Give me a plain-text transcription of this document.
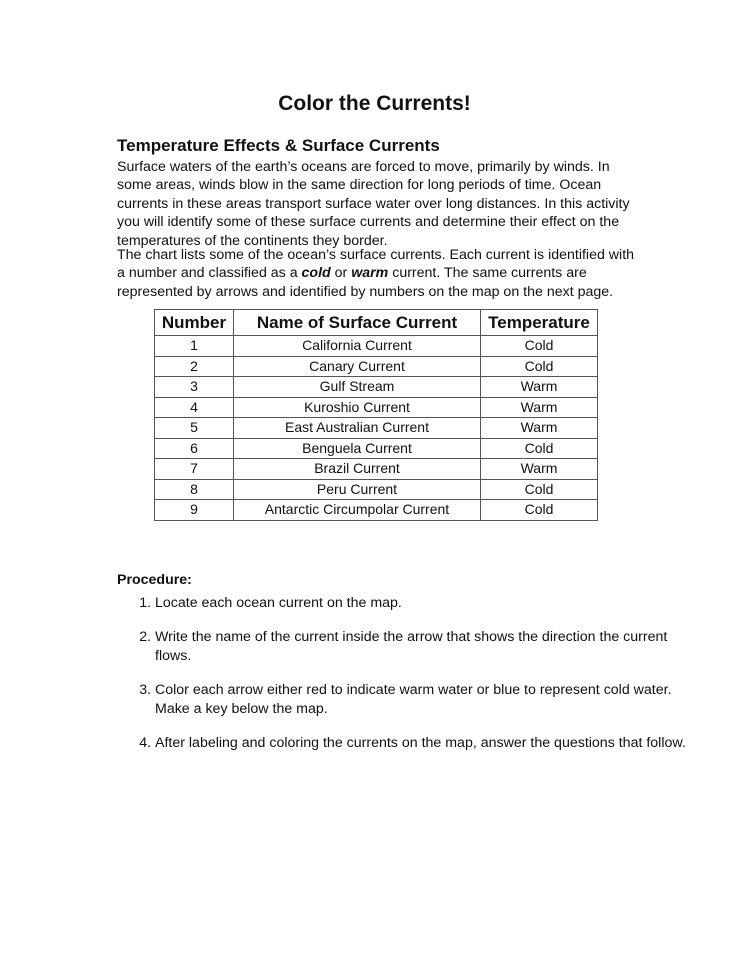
Color the Currents!
Temperature Effects & Surface Currents

Surface waters of the earth’s oceans are forced to move, primarily by winds. In some areas, winds blow in the same direction for long periods of time. Ocean currents in these areas transport surface water over long distances. In this activity you will identify some of these surface currents and determine their effect on the temperatures of the continents they border.

The chart lists some of the ocean’s surface currents. Each current is identified with a number and classified as a cold or warm current. The same currents are represented by arrows and identified by numbers on the map on the next page.

Number	Name of Surface Current	Temperature
1	California Current	Cold
2	Canary Current	Cold
3	Gulf Stream	Warm
4	Kuroshio Current	Warm
5	East Australian Current	Warm
6	Benguela Current	Cold
7	Brazil Current	Warm
8	Peru Current	Cold
9	Antarctic Circumpolar Current	Cold
Procedure:
1. Locate each ocean current on the map.
2. Write the name of the current inside the arrow that shows the direction the current flows.
3. Color each arrow either red to indicate warm water or blue to represent cold water. Make a key below the map.
4. After labeling and coloring the currents on the map, answer the questions that follow.
